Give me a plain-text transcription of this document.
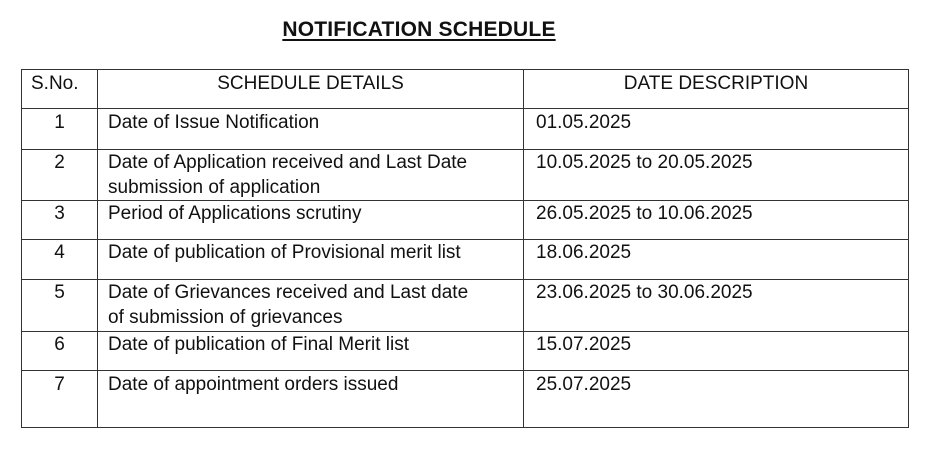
NOTIFICATION SCHEDULE
S.No.	SCHEDULE DETAILS	DATE DESCRIPTION

1	Date of Issue Notification	01.05.2025

2	Date of Application received and Last Date
submission of application	10.05.2025 to 20.05.2025

3	Period of Applications scrutiny	26.05.2025 to 10.06.2025

4	Date of publication of Provisional merit list	18.06.2025

5	Date of Grievances received and Last date
of submission of grievances	23.06.2025 to 30.06.2025

6	Date of publication of Final Merit list	15.07.2025

7	Date of appointment orders issued	25.07.2025
